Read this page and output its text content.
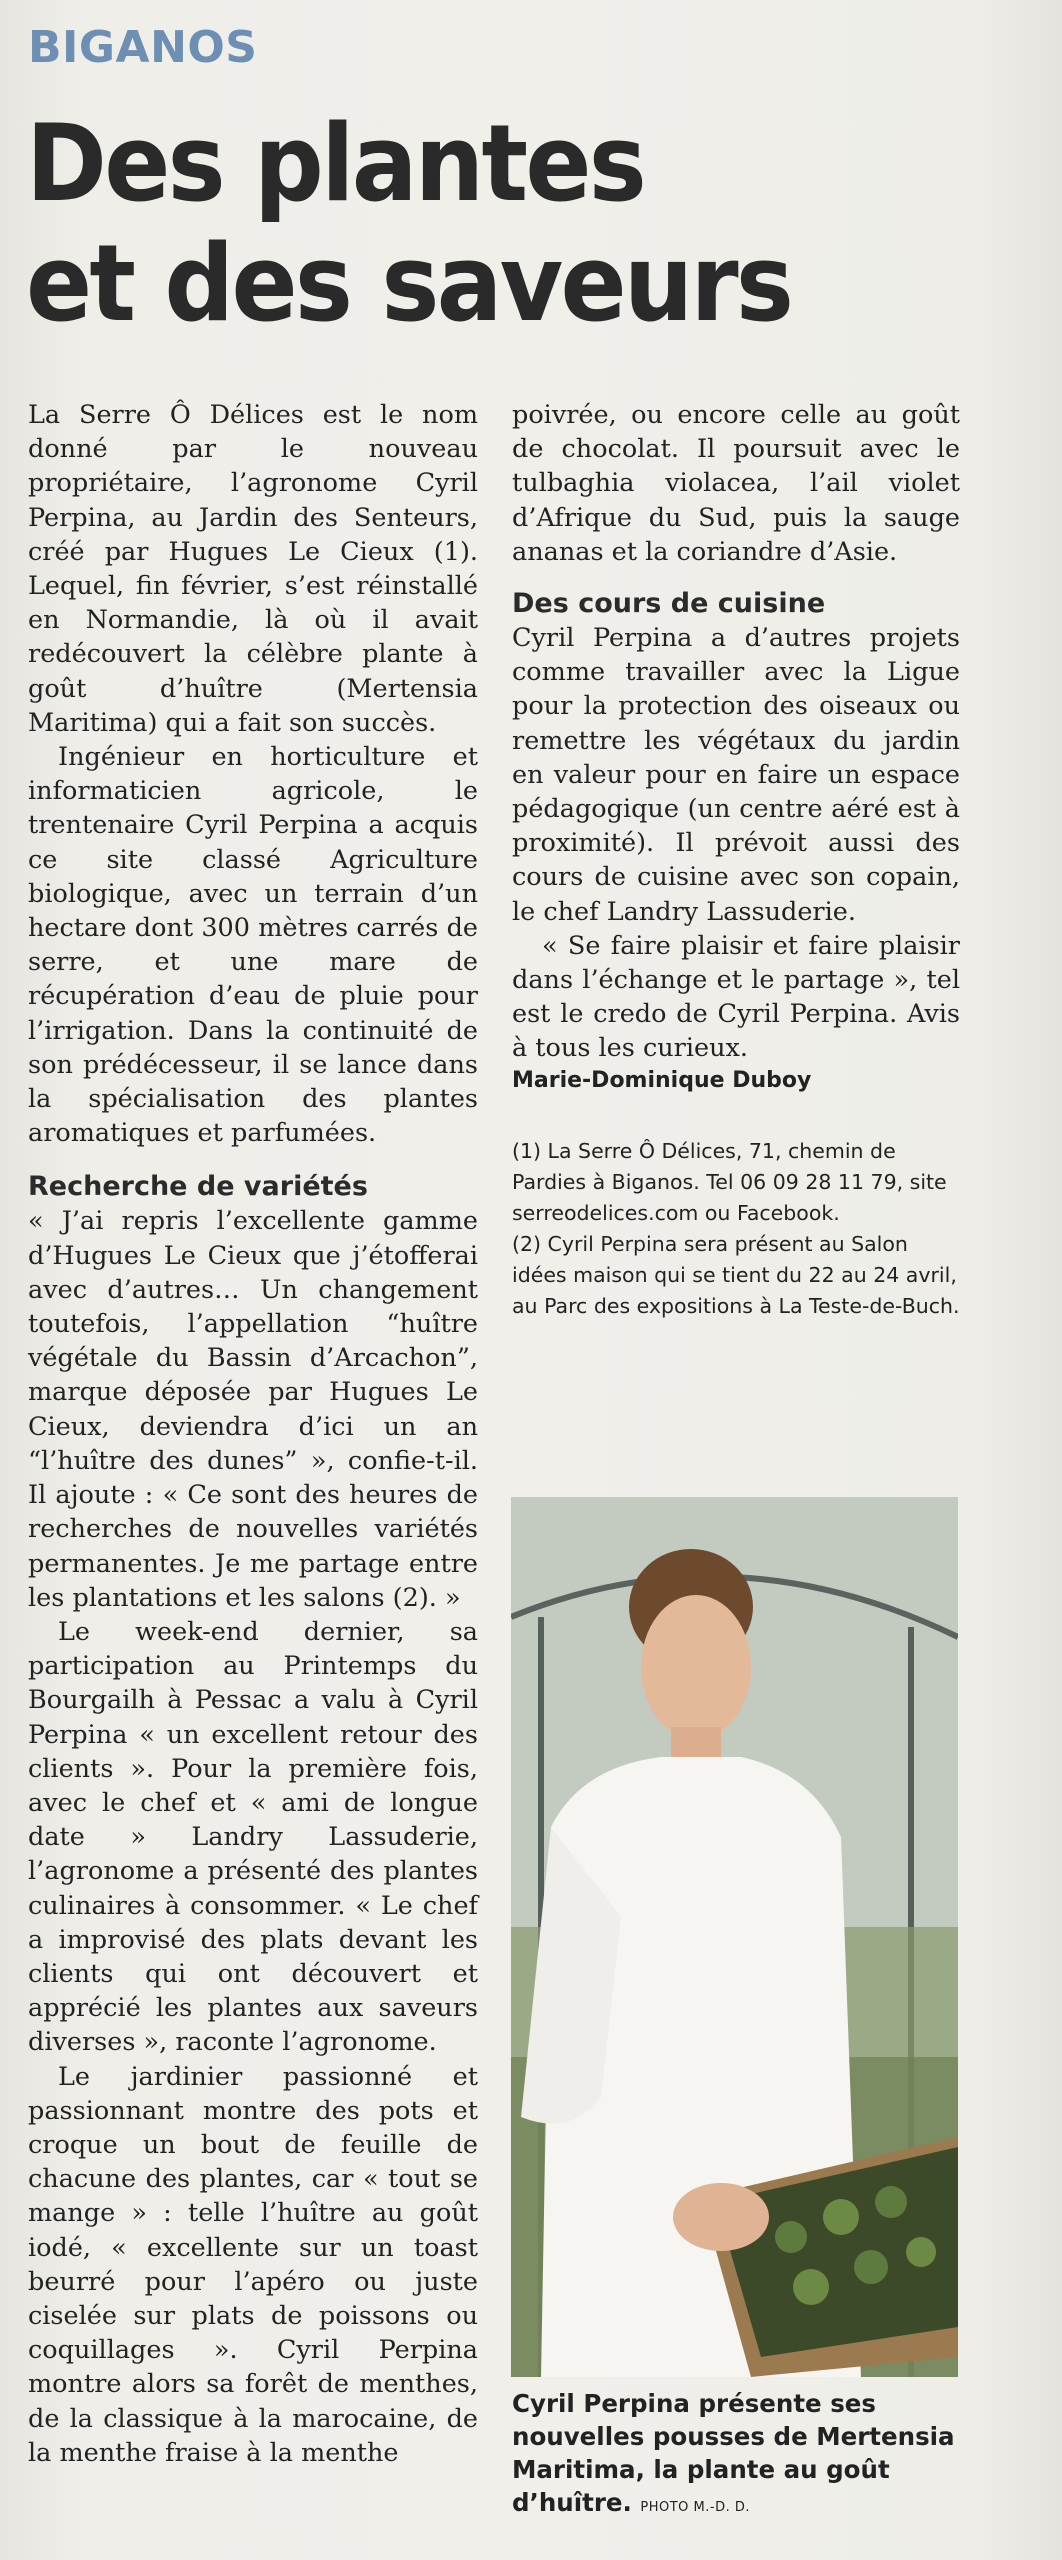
BIGANOS
Des plantes
et des saveurs

La Serre Ô Délices est le nom donné par le nouveau propriétaire, l’agronome Cyril Perpina, au Jardin des Senteurs, créé par Hugues Le Cieux (1). Lequel, fin février, s’est réinstallé en Normandie, là où il avait redécouvert la célèbre plante à goût d’huître (Mertensia Maritima) qui a fait son succès.

Ingénieur en horticulture et informaticien agricole, le trentenaire Cyril Perpina a acquis ce site classé Agriculture biologique, avec un terrain d’un hectare dont 300 mètres carrés de serre, et une mare de récupération d’eau de pluie pour l’irrigation. Dans la continuité de son prédécesseur, il se lance dans la spécialisation des plantes aromatiques et parfumées.

Recherche de variétés

« J’ai repris l’excellente gamme d’Hugues Le Cieux que j’étofferai avec d’autres… Un changement toutefois, l’appellation “huître végétale du Bassin d’Arcachon”, marque déposée par Hugues Le Cieux, deviendra d’ici un an “l’huître des dunes” », confie-t-il. Il ajoute : « Ce sont des heures de recherches de nouvelles variétés permanentes. Je me partage entre les plantations et les salons (2). »

Le week-end dernier, sa participation au Printemps du Bourgailh à Pessac a valu à Cyril Perpina « un excellent retour des clients ». Pour la première fois, avec le chef et « ami de longue date » Landry Lassuderie, l’agronome a présenté des plantes culinaires à consommer. « Le chef a improvisé des plats devant les clients qui ont découvert et apprécié les plantes aux saveurs diverses », raconte l’agronome.

Le jardinier passionné et passionnant montre des pots et croque un bout de feuille de chacune des plantes, car « tout se mange » : telle l’huître au goût iodé, « excellente sur un toast beurré pour l’apéro ou juste ciselée sur plats de poissons ou coquillages ». Cyril Perpina montre alors sa forêt de menthes, de la classique à la marocaine, de la menthe fraise à la menthe

poivrée, ou encore celle au goût de chocolat. Il poursuit avec le tulbaghia violacea, l’ail violet d’Afrique du Sud, puis la sauge ananas et la coriandre d’Asie.

Des cours de cuisine

Cyril Perpina a d’autres projets comme travailler avec la Ligue pour la protection des oiseaux ou remettre les végétaux du jardin en valeur pour en faire un espace pédagogique (un centre aéré est à proximité). Il prévoit aussi des cours de cuisine avec son copain, le chef Landry Lassuderie.

« Se faire plaisir et faire plaisir dans l’échange et le partage », tel est le credo de Cyril Perpina. Avis à tous les curieux.

Marie-Dominique Duboy

(1) La Serre Ô Délices, 71, chemin de Pardies à Biganos. Tel 06 09 28 11 79, site serreodelices.com ou Facebook.

(2) Cyril Perpina sera présent au Salon idées maison qui se tient du 22 au 24 avril, au Parc des expositions à La Teste-de-Buch.

Cyril Perpina présente ses nouvelles pousses de Mertensia Maritima, la plante au goût d’huître. PHOTO M.-D. D.
